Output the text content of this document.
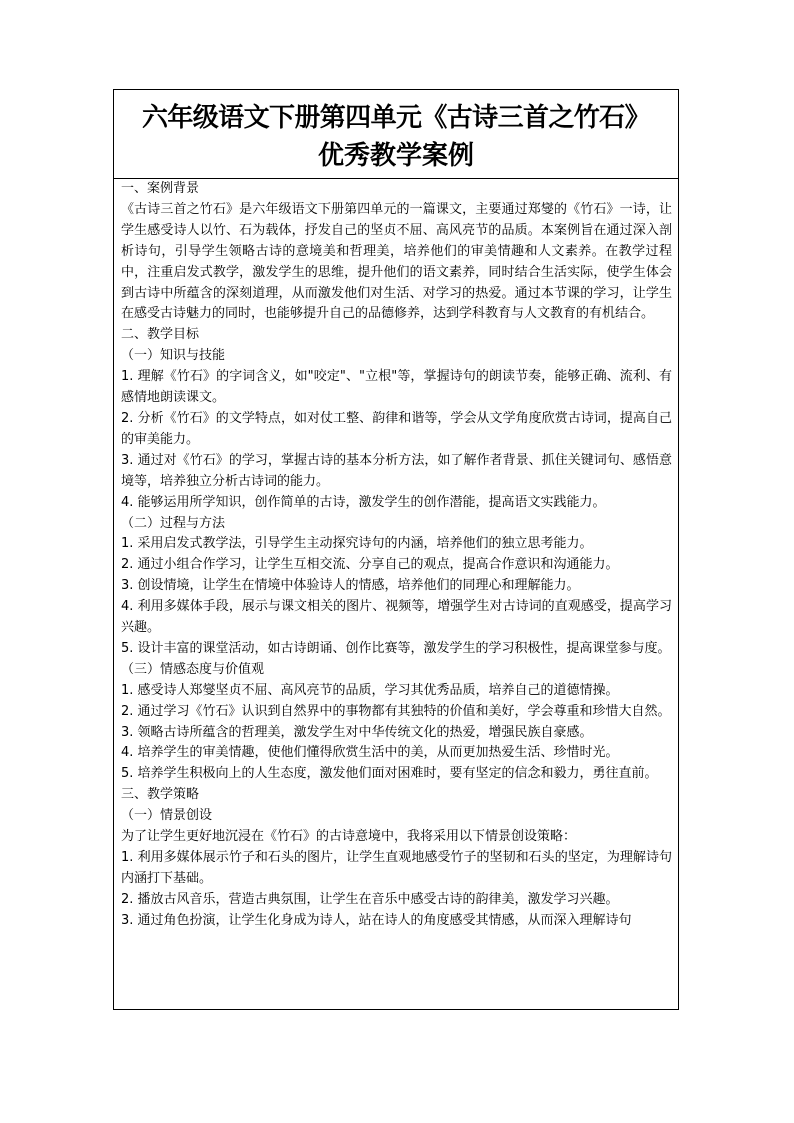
六年级语文下册第四单元《古诗三首之竹石》
优秀教学案例

一、案例背景

《古诗三首之竹石》是六年级语文下册第四单元的一篇课文，主要通过郑燮的《竹石》一诗，让学生感受诗人以竹、石为载体，抒发自己的坚贞不屈、高风亮节的品质。本案例旨在通过深入剖析诗句，引导学生领略古诗的意境美和哲理美，培养他们的审美情趣和人文素养。在教学过程中，注重启发式教学，激发学生的思维，提升他们的语文素养，同时结合生活实际，使学生体会到古诗中所蕴含的深刻道理，从而激发他们对生活、对学习的热爱。通过本节课的学习，让学生在感受古诗魅力的同时，也能够提升自己的品德修养，达到学科教育与人文教育的有机结合。

二、教学目标

（一）知识与技能

1. 理解《竹石》的字词含义，如"咬定"、"立根"等，掌握诗句的朗读节奏，能够正确、流利、有感情地朗读课文。

2. 分析《竹石》的文学特点，如对仗工整、韵律和谐等，学会从文学角度欣赏古诗词，提高自己的审美能力。

3. 通过对《竹石》的学习，掌握古诗的基本分析方法，如了解作者背景、抓住关键词句、感悟意境等，培养独立分析古诗词的能力。

4. 能够运用所学知识，创作简单的古诗，激发学生的创作潜能，提高语文实践能力。

（二）过程与方法

1. 采用启发式教学法，引导学生主动探究诗句的内涵，培养他们的独立思考能力。

2. 通过小组合作学习，让学生互相交流、分享自己的观点，提高合作意识和沟通能力。

3. 创设情境，让学生在情境中体验诗人的情感，培养他们的同理心和理解能力。

4. 利用多媒体手段，展示与课文相关的图片、视频等，增强学生对古诗词的直观感受，提高学习兴趣。

5. 设计丰富的课堂活动，如古诗朗诵、创作比赛等，激发学生的学习积极性，提高课堂参与度。

（三）情感态度与价值观

1. 感受诗人郑燮坚贞不屈、高风亮节的品质，学习其优秀品质，培养自己的道德情操。

2. 通过学习《竹石》认识到自然界中的事物都有其独特的价值和美好，学会尊重和珍惜大自然。

3. 领略古诗所蕴含的哲理美，激发学生对中华传统文化的热爱，增强民族自豪感。

4. 培养学生的审美情趣，使他们懂得欣赏生活中的美，从而更加热爱生活、珍惜时光。

5. 培养学生积极向上的人生态度，激发他们面对困难时，要有坚定的信念和毅力，勇往直前。

三、教学策略

（一）情景创设

为了让学生更好地沉浸在《竹石》的古诗意境中，我将采用以下情景创设策略：

1. 利用多媒体展示竹子和石头的图片，让学生直观地感受竹子的坚韧和石头的坚定，为理解诗句内涵打下基础。

2. 播放古风音乐，营造古典氛围，让学生在音乐中感受古诗的韵律美，激发学习兴趣。

3. 通过角色扮演，让学生化身成为诗人，站在诗人的角度感受其情感，从而深入理解诗句
